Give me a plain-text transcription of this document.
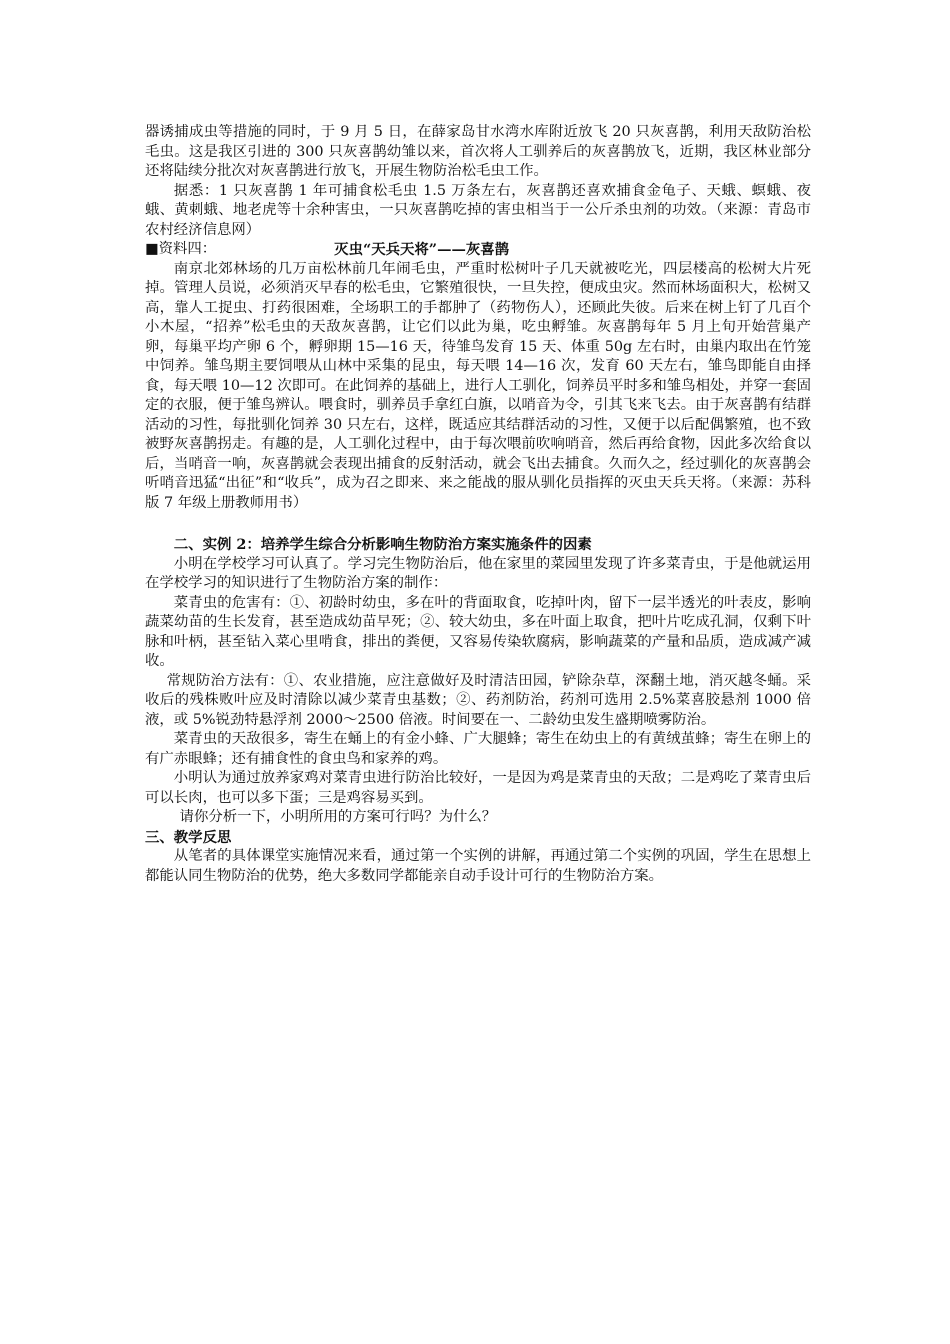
器诱捕成虫等措施的同时，于 9 月 5 日，在薛家岛甘水湾水库附近放飞 20 只灰喜鹊，利用天敌防治松毛虫。这是我区引进的 300 只灰喜鹊幼雏以来，首次将人工驯养后的灰喜鹊放飞，近期，我区林业部分还将陆续分批次对灰喜鹊进行放飞，开展生物防治松毛虫工作。

据悉：1 只灰喜鹊 1 年可捕食松毛虫 1.5 万条左右，灰喜鹊还喜欢捕食金龟子、天蛾、螟蛾、夜蛾、黄刺蛾、地老虎等十余种害虫，一只灰喜鹊吃掉的害虫相当于一公斤杀虫剂的功效。（来源：青岛市农村经济信息网）

■资料四：	灭虫“天兵天将”——灰喜鹊

南京北郊林场的几万亩松林前几年闹毛虫，严重时松树叶子几天就被吃光，四层楼高的松树大片死掉。管理人员说，必须消灭早春的松毛虫，它繁殖很快，一旦失控，便成虫灾。然而林场面积大，松树又高，靠人工捉虫、打药很困难，全场职工的手都肿了（药物伤人），还顾此失彼。后来在树上钉了几百个小木屋，“招养”松毛虫的天敌灰喜鹊，让它们以此为巢，吃虫孵雏。灰喜鹊每年 5 月上旬开始营巢产卵，每巢平均产卵 6 个，孵卵期 15—16 天，待雏鸟发育 15 天、体重 50g 左右时，由巢内取出在竹笼中饲养。雏鸟期主要饲喂从山林中采集的昆虫，每天喂 14—16 次，发育 60 天左右，雏鸟即能自由择食，每天喂 10—12 次即可。在此饲养的基础上，进行人工驯化，饲养员平时多和雏鸟相处，并穿一套固定的衣服，便于雏鸟辨认。喂食时，驯养员手拿红白旗，以哨音为令，引其飞来飞去。由于灰喜鹊有结群活动的习性，每批驯化饲养 30 只左右，这样，既适应其结群活动的习性，又便于以后配偶繁殖，也不致被野灰喜鹊拐走。有趣的是，人工驯化过程中，由于每次喂前吹响哨音，然后再给食物，因此多次给食以后，当哨音一响，灰喜鹊就会表现出捕食的反射活动，就会飞出去捕食。久而久之，经过驯化的灰喜鹊会听哨音迅猛“出征”和“收兵”，成为召之即来、来之能战的服从驯化员指挥的灭虫天兵天将。（来源：苏科版 7 年级上册教师用书）

二、实例 2：培养学生综合分析影响生物防治方案实施条件的因素

小明在学校学习可认真了。学习完生物防治后，他在家里的菜园里发现了许多菜青虫，于是他就运用在学校学习的知识进行了生物防治方案的制作：

菜青虫的危害有：①、初龄时幼虫，多在叶的背面取食，吃掉叶肉，留下一层半透光的叶表皮，影响蔬菜幼苗的生长发育，甚至造成幼苗早死；②、较大幼虫，多在叶面上取食，把叶片吃成孔洞，仅剩下叶脉和叶柄，甚至钻入菜心里啃食，排出的粪便，又容易传染软腐病，影响蔬菜的产量和品质，造成减产减收。

常规防治方法有：①、农业措施，应注意做好及时清洁田园，铲除杂草，深翻土地，消灭越冬蛹。采收后的残株败叶应及时清除以减少菜青虫基数；②、药剂防治，药剂可选用 2.5%菜喜胶悬剂 1000 倍液，或 5%锐劲特悬浮剂 2000～2500 倍液。时间要在一、二龄幼虫发生盛期喷雾防治。

菜青虫的天敌很多，寄生在蛹上的有金小蜂、广大腿蜂；寄生在幼虫上的有黄绒茧蜂；寄生在卵上的有广赤眼蜂；还有捕食性的食虫鸟和家养的鸡。

小明认为通过放养家鸡对菜青虫进行防治比较好，一是因为鸡是菜青虫的天敌；二是鸡吃了菜青虫后可以长肉，也可以多下蛋；三是鸡容易买到。

请你分析一下，小明所用的方案可行吗？为什么？

三、教学反思

从笔者的具体课堂实施情况来看，通过第一个实例的讲解，再通过第二个实例的巩固，学生在思想上都能认同生物防治的优势，绝大多数同学都能亲自动手设计可行的生物防治方案。
